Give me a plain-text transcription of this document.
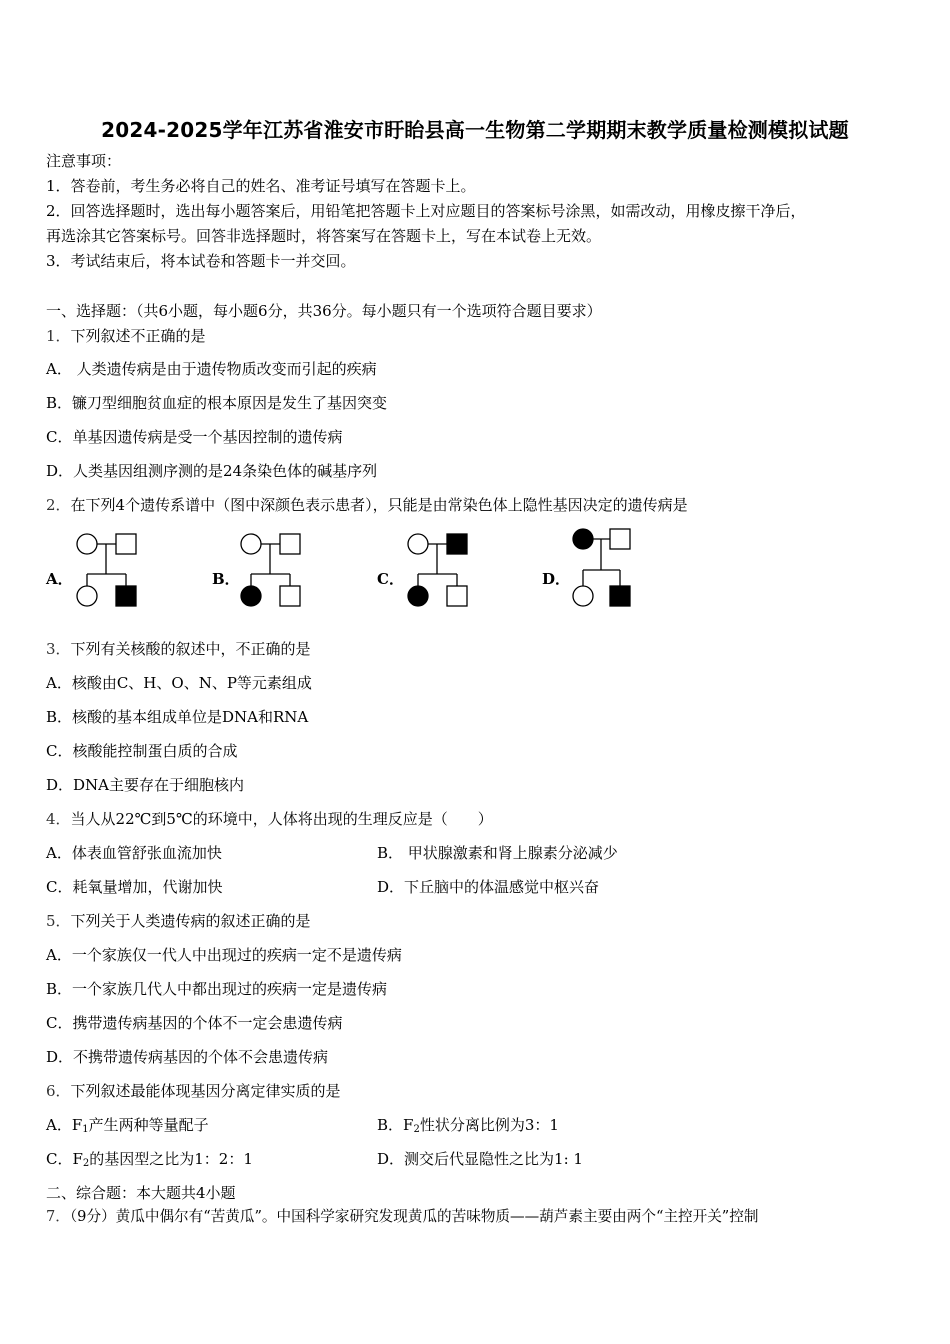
2024-2025学年江苏省淮安市盱眙县高一生物第二学期期末教学质量检测模拟试题
注意事项：
1．答卷前，考生务必将自己的姓名、准考证号填写在答题卡上。
2．回答选择题时，选出每小题答案后，用铅笔把答题卡上对应题目的答案标号涂黑，如需改动，用橡皮擦干净后，
再选涂其它答案标号。回答非选择题时，将答案写在答题卡上，写在本试卷上无效。
3．考试结束后，将本试卷和答题卡一并交回。
一、选择题：（共6小题，每小题6分，共36分。每小题只有一个选项符合题目要求）
1．下列叙述不正确的是
A． 人类遗传病是由于遗传物质改变而引起的疾病
B．镰刀型细胞贫血症的根本原因是发生了基因突变
C．单基因遗传病是受一个基因控制的遗传病
D．人类基因组测序测的是24条染色体的碱基序列
2．在下列4个遗传系谱中（图中深颜色表示患者），只能是由常染色体上隐性基因决定的遗传病是
A．	B．	C．	D．
3．下列有关核酸的叙述中，不正确的是
A．核酸由C、H、O、N、P等元素组成
B．核酸的基本组成单位是DNA和RNA
C．核酸能控制蛋白质的合成
D．DNA主要存在于细胞核内
4．当人从22℃到5℃的环境中，人体将出现的生理反应是（　　）
A．体表血管舒张血流加快	B． 甲状腺激素和肾上腺素分泌减少
C．耗氧量增加，代谢加快	D．下丘脑中的体温感觉中枢兴奋
5．下列关于人类遗传病的叙述正确的是
A．一个家族仅一代人中出现过的疾病一定不是遗传病
B．一个家族几代人中都出现过的疾病一定是遗传病
C．携带遗传病基因的个体不一定会患遗传病
D．不携带遗传病基因的个体不会患遗传病
6．下列叙述最能体现基因分离定律实质的是
A．$F_1$产生两种等量配子	B．$F_2$性状分离比例为3：1
C．$F_2$的基因型之比为1：2：1	D．测交后代显隐性之比为1: 1
二、综合题：本大题共4小题
7．（9分）黄瓜中偶尔有“苦黄瓜”。中国科学家研究发现黄瓜的苦味物质——葫芦素主要由两个“主控开关”控制
